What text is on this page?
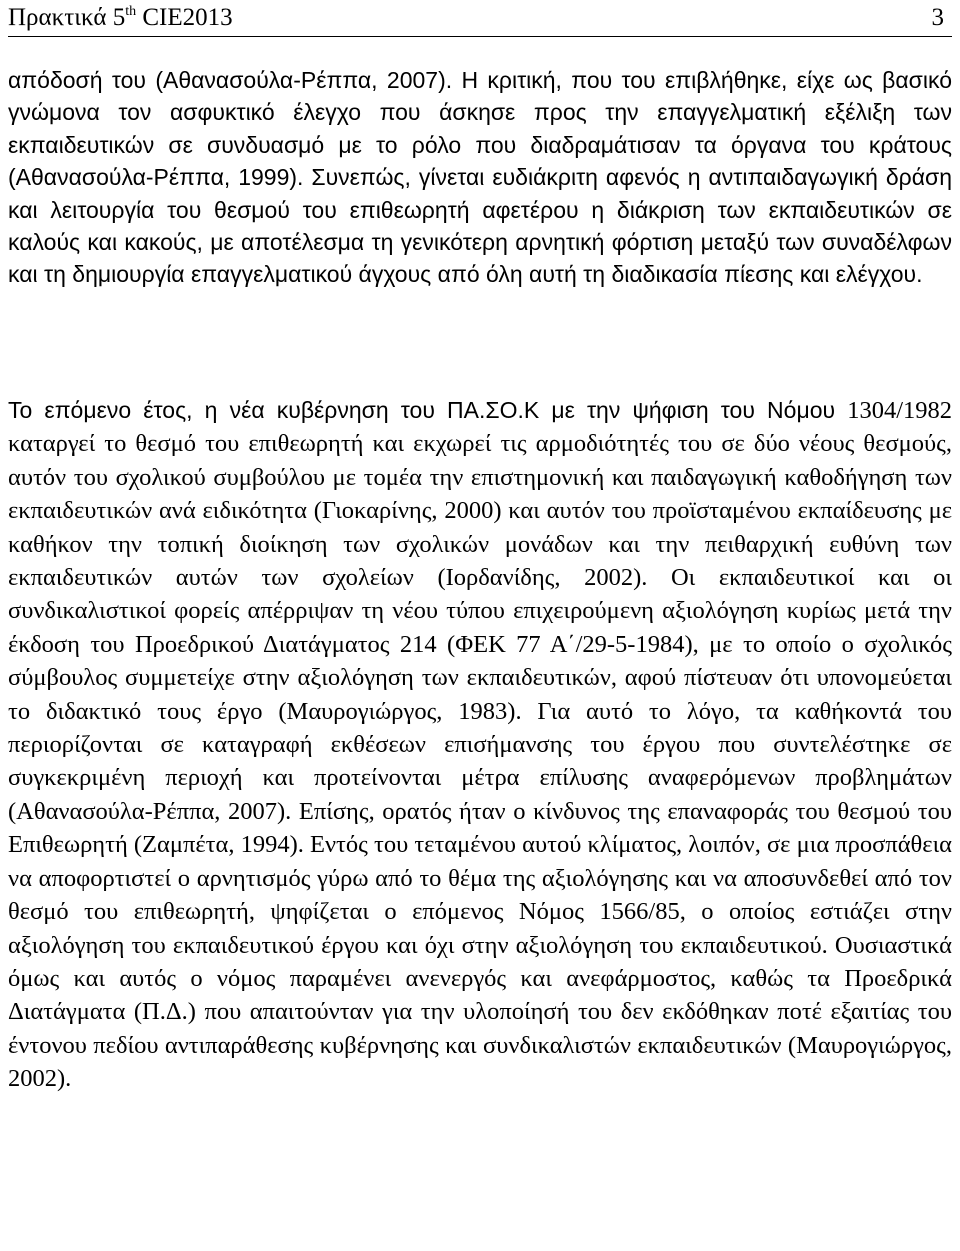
Πρακτικά 5th CIE2013	3

απόδοσή του (Αθανασούλα-Ρέππα, 2007). Η κριτική, που του επιβλήθηκε, είχε ως βασικό γνώμονα τον ασφυκτικό έλεγχο που άσκησε προς την επαγγελματική εξέλιξη των εκπαιδευτικών σε συνδυασμό με το ρόλο που διαδραμάτισαν τα όργανα του κράτους (Αθανασούλα-Ρέππα, 1999). Συνεπώς, γίνεται ευδιάκριτη αφενός η αντιπαιδαγωγική δράση και λειτουργία του θεσμού του επιθεωρητή αφετέρου η διάκριση των εκπαιδευτικών σε καλούς και κακούς, με αποτέλεσμα τη γενικότερη αρνητική φόρτιση μεταξύ των συναδέλφων και τη δημιουργία επαγγελματικού άγχους από όλη αυτή τη διαδικασία πίεσης και ελέγχου.

Το επόμενο έτος, η νέα κυβέρνηση του ΠΑ.ΣΟ.Κ με την ψήφιση του Νόμου 1304/1982 καταργεί το θεσμό του επιθεωρητή και εκχωρεί τις αρμοδιότητές του σε δύο νέους θεσμούς, αυτόν του σχολικού συμβούλου με τομέα την επιστημονική και παιδαγωγική καθοδήγηση των εκπαιδευτικών ανά ειδικότητα (Γιοκαρίνης, 2000) και αυτόν του προϊσταμένου εκπαίδευσης με καθήκον την τοπική διοίκηση των σχολικών μονάδων και την πειθαρχική ευθύνη των εκπαιδευτικών αυτών των σχολείων (Ιορδανίδης, 2002). Οι εκπαιδευτικοί και οι συνδικαλιστικοί φορείς απέρριψαν τη νέου τύπου επιχειρούμενη αξιολόγηση κυρίως μετά την έκδοση του Προεδρικού Διατάγματος 214 (ΦΕΚ 77 Α΄/29-5-1984), με το οποίο ο σχολικός σύμβουλος συμμετείχε στην αξιολόγηση των εκπαιδευτικών, αφού πίστευαν ότι υπονομεύεται το διδακτικό τους έργο (Μαυρογιώργος, 1983). Για αυτό το λόγο, τα καθήκοντά του περιορίζονται σε καταγραφή εκθέσεων επισήμανσης του έργου που συντελέστηκε σε συγκεκριμένη περιοχή και προτείνονται μέτρα επίλυσης αναφερόμενων προβλημάτων (Αθανασούλα-Ρέππα, 2007). Επίσης, ορατός ήταν ο κίνδυνος της επαναφοράς του θεσμού του Επιθεωρητή (Ζαμπέτα, 1994). Εντός του τεταμένου αυτού κλίματος, λοιπόν, σε μια προσπάθεια να αποφορτιστεί ο αρνητισμός γύρω από το θέμα της αξιολόγησης και να αποσυνδεθεί από τον θεσμό του επιθεωρητή, ψηφίζεται ο επόμενος Νόμος 1566/85, ο οποίος εστιάζει στην αξιολόγηση του εκπαιδευτικού έργου και όχι στην αξιολόγηση του εκπαιδευτικού. Ουσιαστικά όμως και αυτός ο νόμος παραμένει ανενεργός και ανεφάρμοστος, καθώς τα Προεδρικά Διατάγματα (Π.Δ.) που απαιτούνταν για την υλοποίησή του δεν εκδόθηκαν ποτέ εξαιτίας του έντονου πεδίου αντιπαράθεσης κυβέρνησης και συνδικαλιστών εκπαιδευτικών (Μαυρογιώργος, 2002).
